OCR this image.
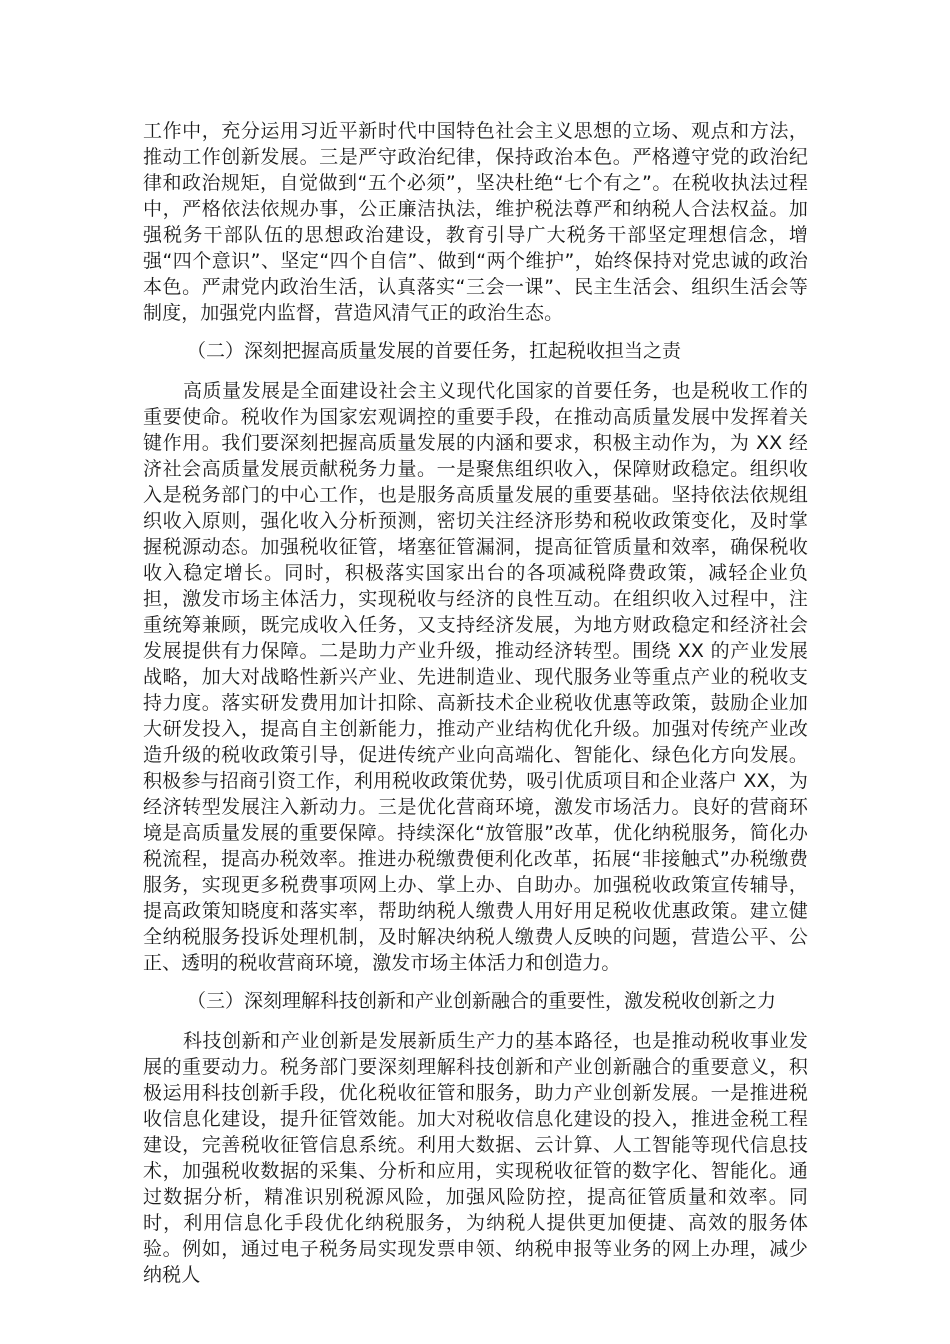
工作中，充分运用习近平新时代中国特色社会主义思想的立场、观点和方法，推动工作创新发展。三是严守政治纪律，保持政治本色。严格遵守党的政治纪律和政治规矩，自觉做到“五个必须”，坚决杜绝“七个有之”。在税收执法过程中，严格依法依规办事，公正廉洁执法，维护税法尊严和纳税人合法权益。加强税务干部队伍的思想政治建设，教育引导广大税务干部坚定理想信念，增强“四个意识”、坚定“四个自信”、做到“两个维护”，始终保持对党忠诚的政治本色。严肃党内政治生活，认真落实“三会一课”、民主生活会、组织生活会等制度，加强党内监督，营造风清气正的政治生态。

（二）深刻把握高质量发展的首要任务，扛起税收担当之责

高质量发展是全面建设社会主义现代化国家的首要任务，也是税收工作的重要使命。税收作为国家宏观调控的重要手段，在推动高质量发展中发挥着关键作用。我们要深刻把握高质量发展的内涵和要求，积极主动作为，为 XX 经济社会高质量发展贡献税务力量。一是聚焦组织收入，保障财政稳定。组织收入是税务部门的中心工作，也是服务高质量发展的重要基础。坚持依法依规组织收入原则，强化收入分析预测，密切关注经济形势和税收政策变化，及时掌握税源动态。加强税收征管，堵塞征管漏洞，提高征管质量和效率，确保税收收入稳定增长。同时，积极落实国家出台的各项减税降费政策，减轻企业负担，激发市场主体活力，实现税收与经济的良性互动。在组织收入过程中，注重统筹兼顾，既完成收入任务，又支持经济发展，为地方财政稳定和经济社会发展提供有力保障。二是助力产业升级，推动经济转型。围绕 XX 的产业发展战略，加大对战略性新兴产业、先进制造业、现代服务业等重点产业的税收支持力度。落实研发费用加计扣除、高新技术企业税收优惠等政策，鼓励企业加大研发投入，提高自主创新能力，推动产业结构优化升级。加强对传统产业改造升级的税收政策引导，促进传统产业向高端化、智能化、绿色化方向发展。积极参与招商引资工作，利用税收政策优势，吸引优质项目和企业落户 XX，为经济转型发展注入新动力。三是优化营商环境，激发市场活力。良好的营商环境是高质量发展的重要保障。持续深化“放管服”改革，优化纳税服务，简化办税流程，提高办税效率。推进办税缴费便利化改革，拓展“非接触式”办税缴费服务，实现更多税费事项网上办、掌上办、自助办。加强税收政策宣传辅导，提高政策知晓度和落实率，帮助纳税人缴费人用好用足税收优惠政策。建立健全纳税服务投诉处理机制，及时解决纳税人缴费人反映的问题，营造公平、公正、透明的税收营商环境，激发市场主体活力和创造力。

（三）深刻理解科技创新和产业创新融合的重要性，激发税收创新之力

科技创新和产业创新是发展新质生产力的基本路径，也是推动税收事业发展的重要动力。税务部门要深刻理解科技创新和产业创新融合的重要意义，积极运用科技创新手段，优化税收征管和服务，助力产业创新发展。一是推进税收信息化建设，提升征管效能。加大对税收信息化建设的投入，推进金税工程建设，完善税收征管信息系统。利用大数据、云计算、人工智能等现代信息技术，加强税收数据的采集、分析和应用，实现税收征管的数字化、智能化。通过数据分析，精准识别税源风险，加强风险防控，提高征管质量和效率。同时，利用信息化手段优化纳税服务，为纳税人提供更加便捷、高效的服务体验。例如，通过电子税务局实现发票申领、纳税申报等业务的网上办理，减少纳税人
